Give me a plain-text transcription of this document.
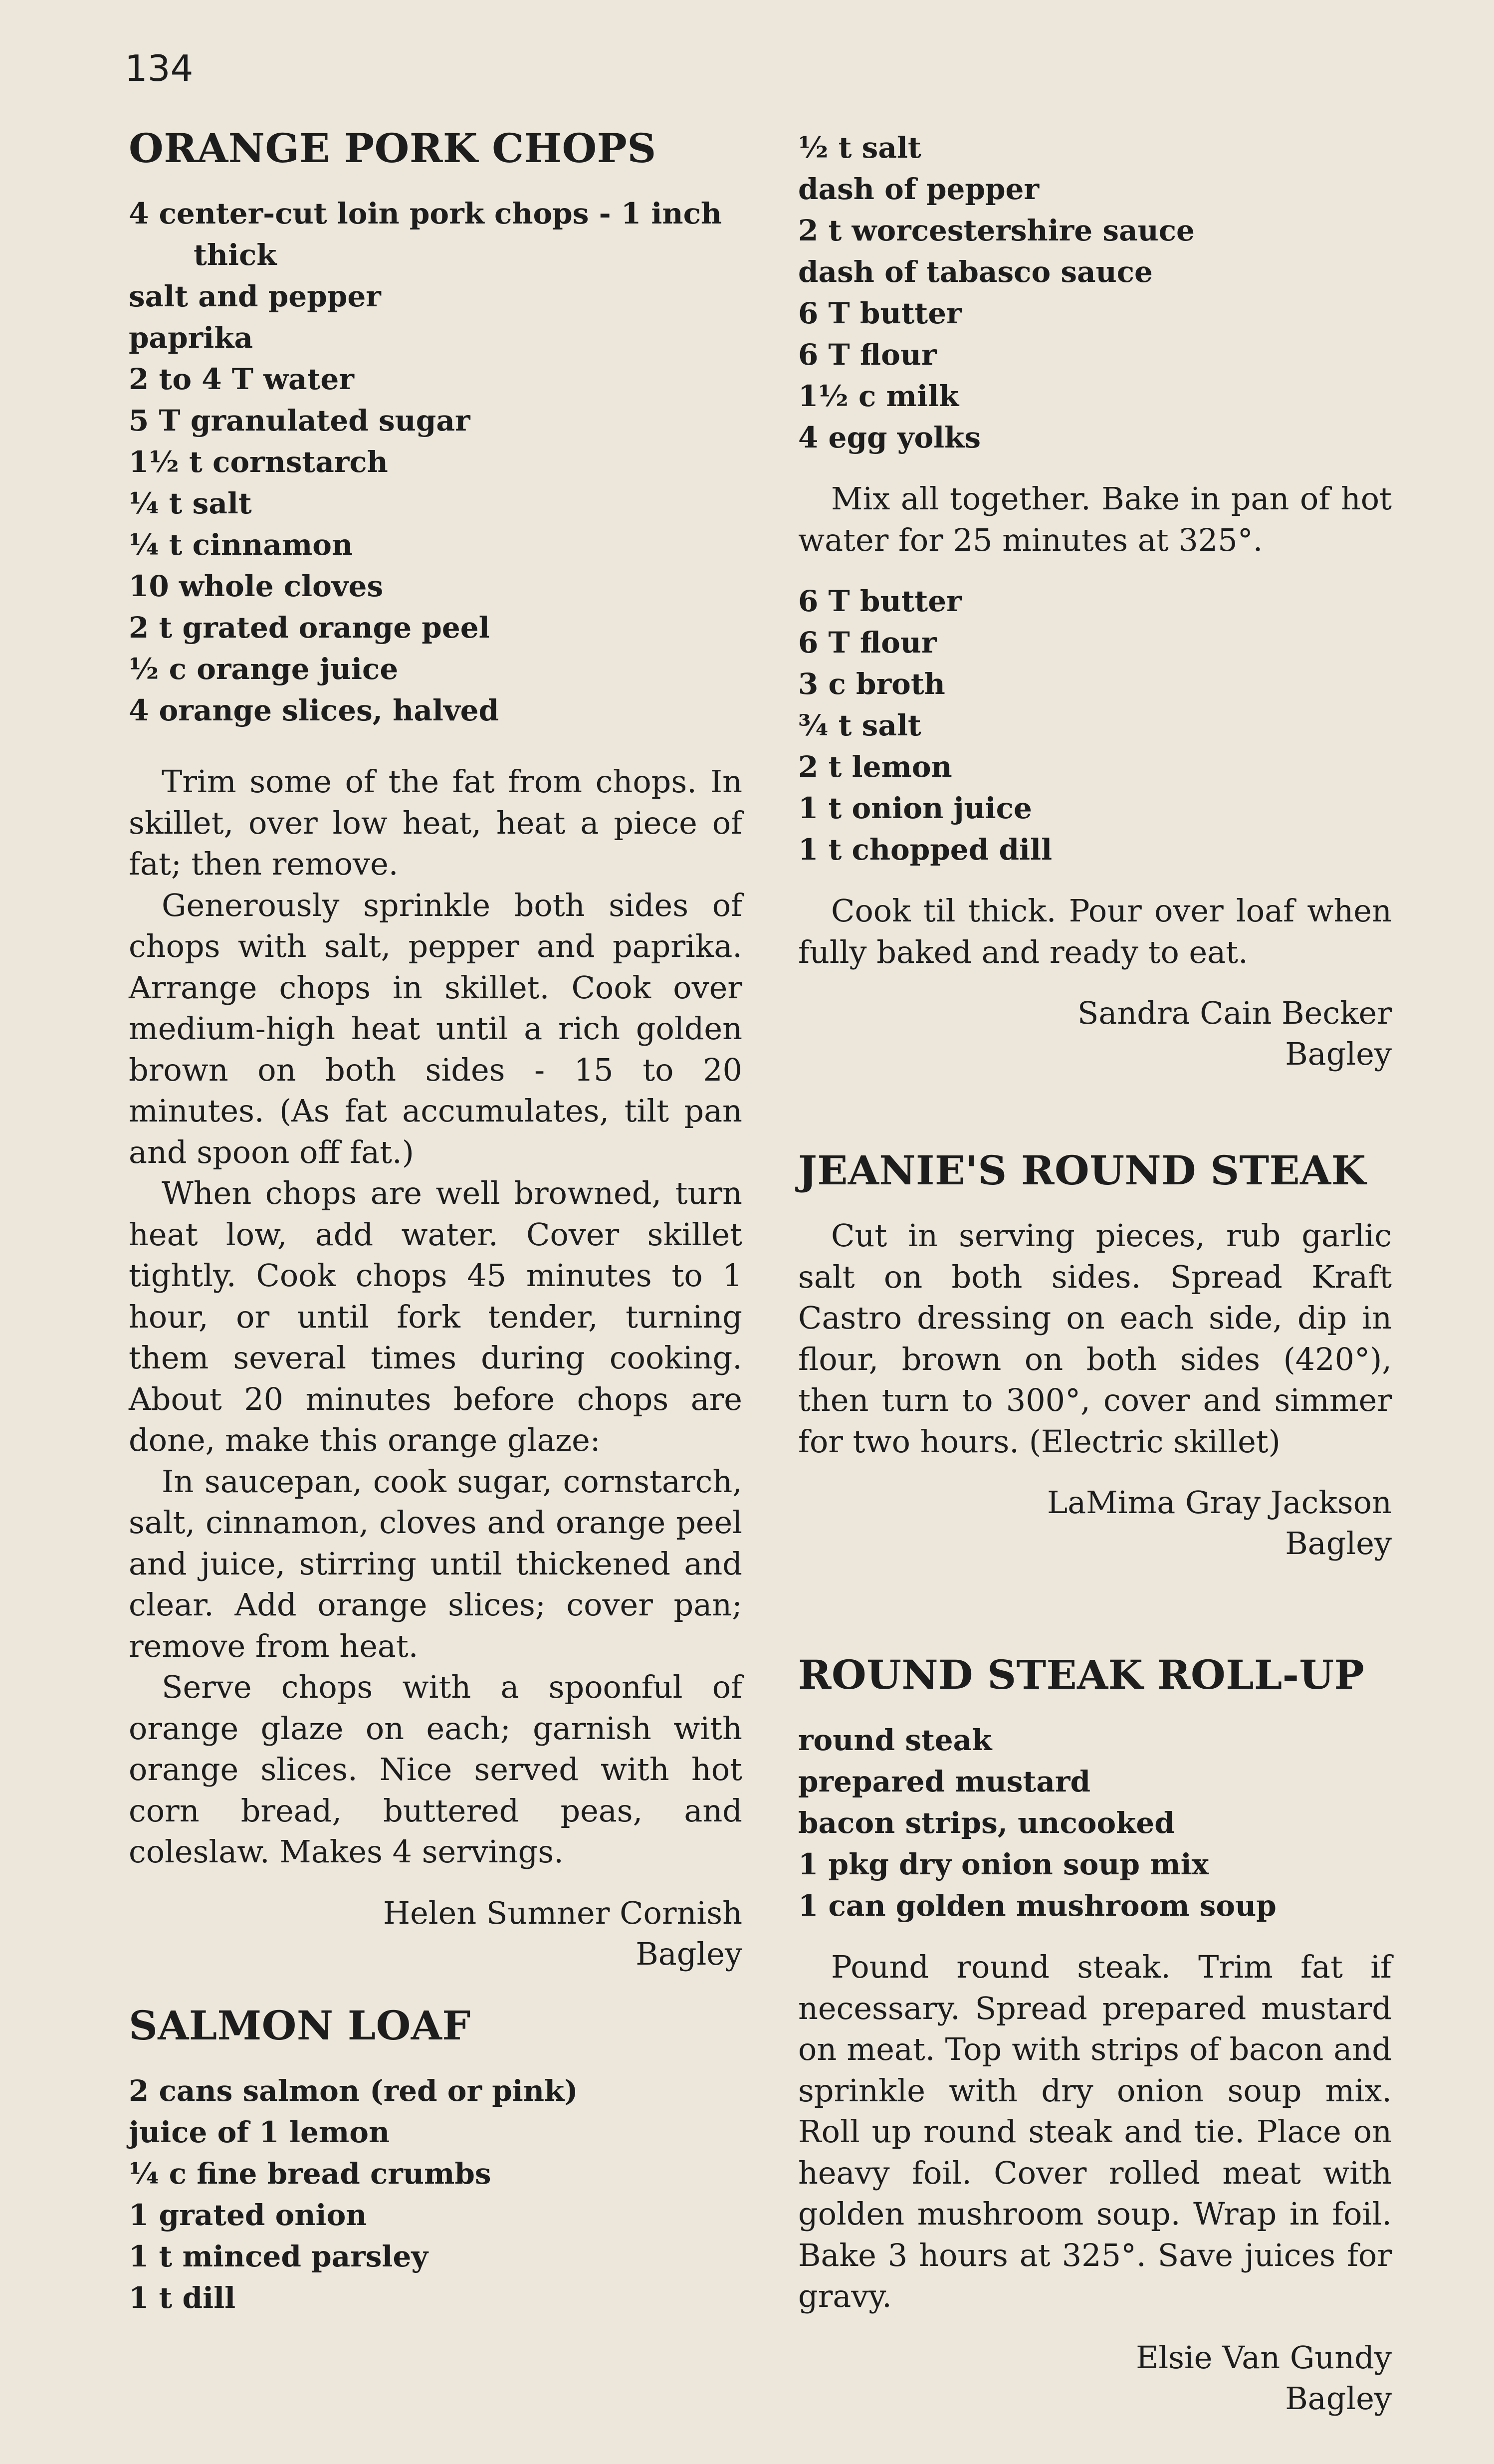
134
ORANGE PORK CHOPS
4 center-cut loin pork chops - 1 inch thick
salt and pepper
paprika
2 to 4 T water
5 T granulated sugar
1½ t cornstarch
¼ t salt
¼ t cinnamon
10 whole cloves
2 t grated orange peel
½ c orange juice
4 orange slices, halved

Trim some of the fat from chops. In skillet, over low heat, heat a piece of fat; then remove.

Generously sprinkle both sides of chops with salt, pepper and paprika. Arrange chops in skillet. Cook over medium-high heat until a rich golden brown on both sides - 15 to 20 minutes. (As fat accumulates, tilt pan and spoon off fat.)

When chops are well browned, turn heat low, add water. Cover skillet tightly. Cook chops 45 minutes to 1 hour, or until fork tender, turning them several times during cooking. About 20 minutes before chops are done, make this orange glaze:

In saucepan, cook sugar, cornstarch, salt, cinnamon, cloves and orange peel and juice, stirring until thickened and clear. Add orange slices; cover pan; remove from heat.

Serve chops with a spoonful of orange glaze on each; garnish with orange slices. Nice served with hot corn bread, buttered peas, and coleslaw. Makes 4 servings.

Helen Sumner Cornish
Bagley
SALMON LOAF
2 cans salmon (red or pink)
juice of 1 lemon
¼ c fine bread crumbs
1 grated onion
1 t minced parsley
1 t dill
½ t salt
dash of pepper
2 t worcestershire sauce
dash of tabasco sauce
6 T butter
6 T flour
1½ c milk
4 egg yolks

Mix all together. Bake in pan of hot water for 25 minutes at 325°.

6 T butter
6 T flour
3 c broth
¾ t salt
2 t lemon
1 t onion juice
1 t chopped dill

Cook til thick. Pour over loaf when fully baked and ready to eat.

Sandra Cain Becker
Bagley
JEANIE'S ROUND STEAK

Cut in serving pieces, rub garlic salt on both sides. Spread Kraft Castro dressing on each side, dip in flour, brown on both sides (420°), then turn to 300°, cover and simmer for two hours. (Electric skillet)

LaMima Gray Jackson
Bagley
ROUND STEAK ROLL-UP
round steak
prepared mustard
bacon strips, uncooked
1 pkg dry onion soup mix
1 can golden mushroom soup

Pound round steak. Trim fat if necessary. Spread prepared mustard on meat. Top with strips of bacon and sprinkle with dry onion soup mix. Roll up round steak and tie. Place on heavy foil. Cover rolled meat with golden mushroom soup. Wrap in foil. Bake 3 hours at 325°. Save juices for gravy.

Elsie Van Gundy
Bagley
